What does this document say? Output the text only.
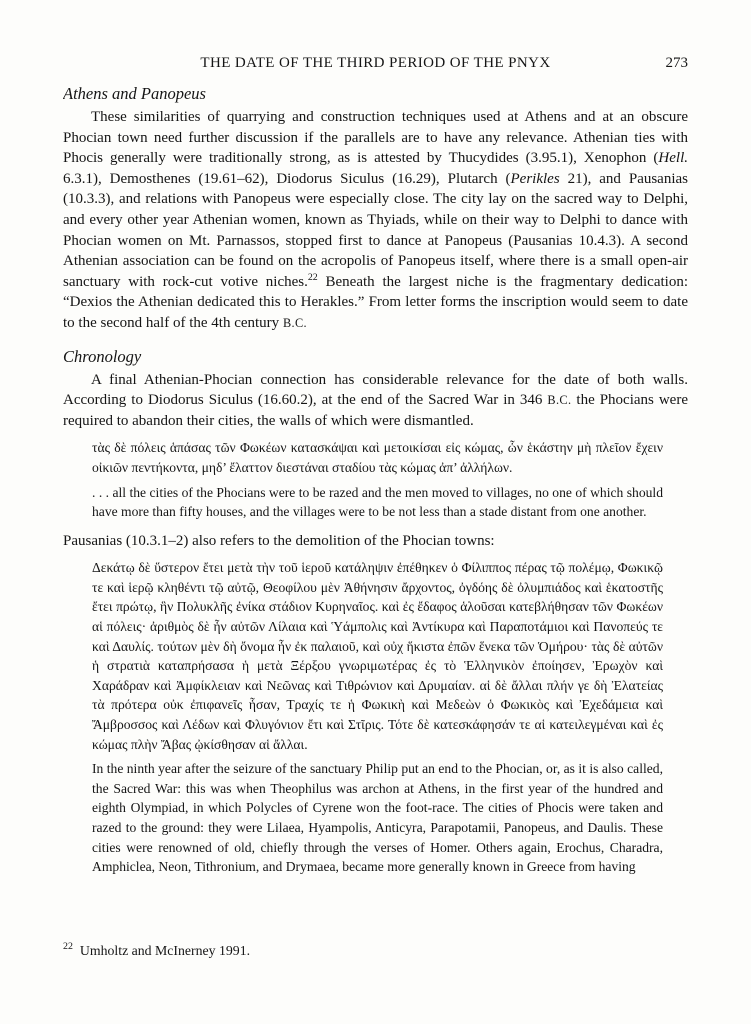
THE DATE OF THE THIRD PERIOD OF THE PNYX	273
Athens and Panopeus

These similarities of quarrying and construction techniques used at Athens and at an obscure Phocian town need further discussion if the parallels are to have any relevance. Athenian ties with Phocis generally were traditionally strong, as is attested by Thucydides (3.95.1), Xenophon (Hell. 6.3.1), Demosthenes (19.61–62), Diodorus Siculus (16.29), Plutarch (Perikles 21), and Pausanias (10.3.3), and relations with Panopeus were especially close. The city lay on the sacred way to Delphi, and every other year Athenian women, known as Thyiads, while on their way to Delphi to dance with Phocian women on Mt. Parnassos, stopped first to dance at Panopeus (Pausanias 10.4.3). A second Athenian association can be found on the acropolis of Panopeus itself, where there is a small open-air sanctuary with rock-cut votive niches.$^{22}$ Beneath the largest niche is the fragmentary dedication: “Dexios the Athenian dedicated this to Herakles.” From letter forms the inscription would seem to date to the second half of the 4th century B.C.

Chronology

A final Athenian-Phocian connection has considerable relevance for the date of both walls. According to Diodorus Siculus (16.60.2), at the end of the Sacred War in 346 B.C. the Phocians were required to abandon their cities, the walls of which were dismantled.

τὰς δὲ πόλεις ἁπάσας τῶν Φωκέων κατασκάψαι καὶ μετοικίσαι εἰς κώμας, ὧν ἑκάστην μὴ πλεῖον ἔχειν οἰκιῶν πεντήκοντα, μηδ’ ἔλαττον διεστάναι σταδίου τὰς κώμας ἀπ’ ἀλλήλων.

. . . all the cities of the Phocians were to be razed and the men moved to villages, no one of which should have more than fifty houses, and the villages were to be not less than a stade distant from one another.

Pausanias (10.3.1–2) also refers to the demolition of the Phocian towns:

Δεκάτῳ δὲ ὕστερον ἔτει μετὰ τὴν τοῦ ἱεροῦ κατάληψιν ἐπέθηκεν ὁ Φίλιππος πέρας τῷ πολέμῳ, Φωκικῷ τε καὶ ἱερῷ κληθέντι τῷ αὐτῷ, Θεοφίλου μὲν Ἀθήνησιν ἄρχοντος, ὀγδόης δὲ ὀλυμπιάδος καὶ ἑκατοστῆς ἔτει πρώτῳ, ἣν Πολυκλῆς ἐνίκα στάδιον Κυρηναῖος. καὶ ἐς ἔδαφος ἁλοῦσαι κατεβλήθησαν τῶν Φωκέων αἱ πόλεις· ἀριθμὸς δὲ ἦν αὐτῶν Λίλαια καὶ Ὑάμπολις καὶ Ἀντίκυρα καὶ Παραποτάμιοι καὶ Πανοπεύς τε καὶ Δαυλίς. τούτων μὲν δὴ ὄνομα ἦν ἐκ παλαιοῦ, καὶ οὐχ ἥκιστα ἐπῶν ἕνεκα τῶν Ὁμήρου· τὰς δὲ αὐτῶν ἡ στρατιὰ καταπρήσασα ἡ μετὰ Ξέρξου γνωριμωτέρας ἐς τὸ Ἑλληνικὸν ἐποίησεν, Ἐρωχὸν καὶ Χαράδραν καὶ Ἀμφίκλειαν καὶ Νεῶνας καὶ Τιθρώνιον καὶ Δρυμαίαν. αἱ δὲ ἄλλαι πλήν γε δὴ Ἐλατείας τὰ πρότερα οὐκ ἐπιφανεῖς ἦσαν, Τραχίς τε ἡ Φωκικὴ καὶ Μεδεὼν ὁ Φωκικὸς καὶ Ἐχεδάμεια καὶ Ἄμβροσσος καὶ Λέδων καὶ Φλυγόνιον ἔτι καὶ Στῖρις. Τότε δὲ κατεσκάφησάν τε αἱ κατειλεγμέναι καὶ ἐς κώμας πλὴν Ἄβας ᾠκίσθησαν αἱ ἄλλαι.

In the ninth year after the seizure of the sanctuary Philip put an end to the Phocian, or, as it is also called, the Sacred War: this was when Theophilus was archon at Athens, in the first year of the hundred and eighth Olympiad, in which Polycles of Cyrene won the foot-race. The cities of Phocis were taken and razed to the ground: they were Lilaea, Hyampolis, Anticyra, Parapotamii, Panopeus, and Daulis. These cities were renowned of old, chiefly through the verses of Homer. Others again, Erochus, Charadra, Amphiclea, Neon, Tithronium, and Drymaea, became more generally known in Greece from having

$^{22}$ Umholtz and McInerney 1991.
